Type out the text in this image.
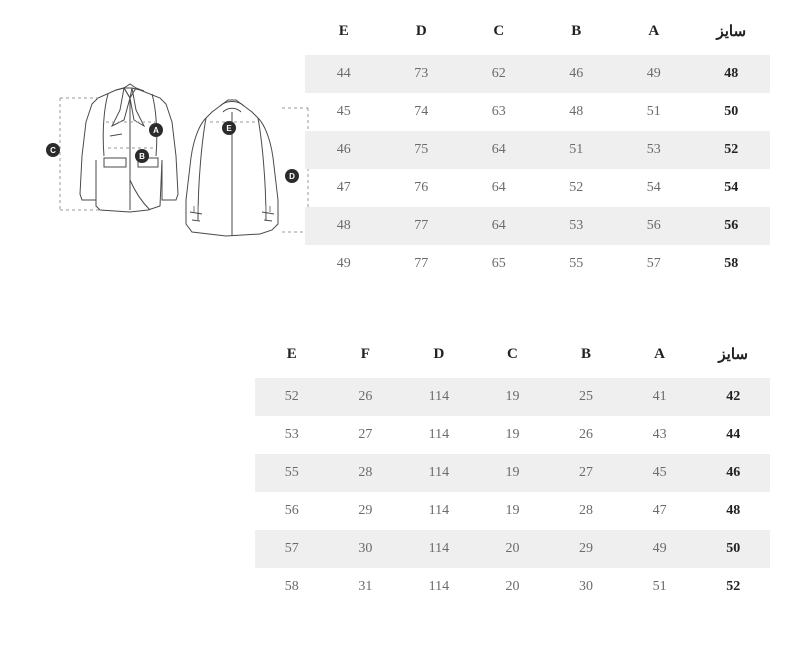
A
B
C
D
E
E	D	C	B	A	سایز
44	73	62	46	49	48
45	74	63	48	51	50
46	75	64	51	53	52
47	76	64	52	54	54
48	77	64	53	56	56
49	77	65	55	57	58
E	F	D	C	B	A	سایز
52	26	114	19	25	41	42
53	27	114	19	26	43	44
55	28	114	19	27	45	46
56	29	114	19	28	47	48
57	30	114	20	29	49	50
58	31	114	20	30	51	52
